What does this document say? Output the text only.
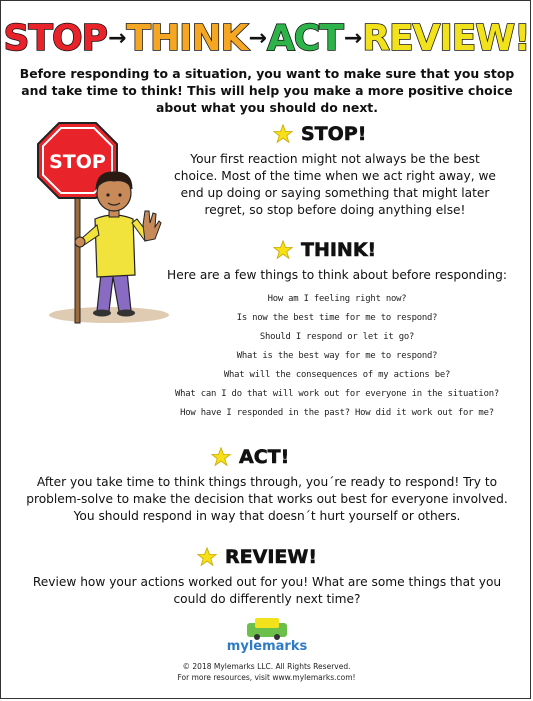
STOP → THINK → ACT → REVIEW!
Before responding to a situation, you want to make sure that you stop and take time to think! This will help you make a more positive choice about what you should do next.
STOP
STOP!
Your first reaction might not always be the best choice. Most of the time when we act right away, we end up doing or saying something that might later regret, so stop before doing anything else!
THINK!
Here are a few things to think about before responding:
How am I feeling right now?
Is now the best time for me to respond?
Should I respond or let it go?
What is the best way for me to respond?
What will the consequences of my actions be?
What can I do that will work out for everyone in the situation?
How have I responded in the past? How did it work out for me?
ACT!
After you take time to think things through, you´re ready to respond! Try to problem-solve to make the decision that works out best for everyone involved. You should respond in way that doesn´t hurt yourself or others.
REVIEW!
Review how your actions worked out for you! What are some things that you could do differently next time?
mylemarks
© 2018 Mylemarks LLC. All Rights Reserved.
For more resources, visit www.mylemarks.com!
